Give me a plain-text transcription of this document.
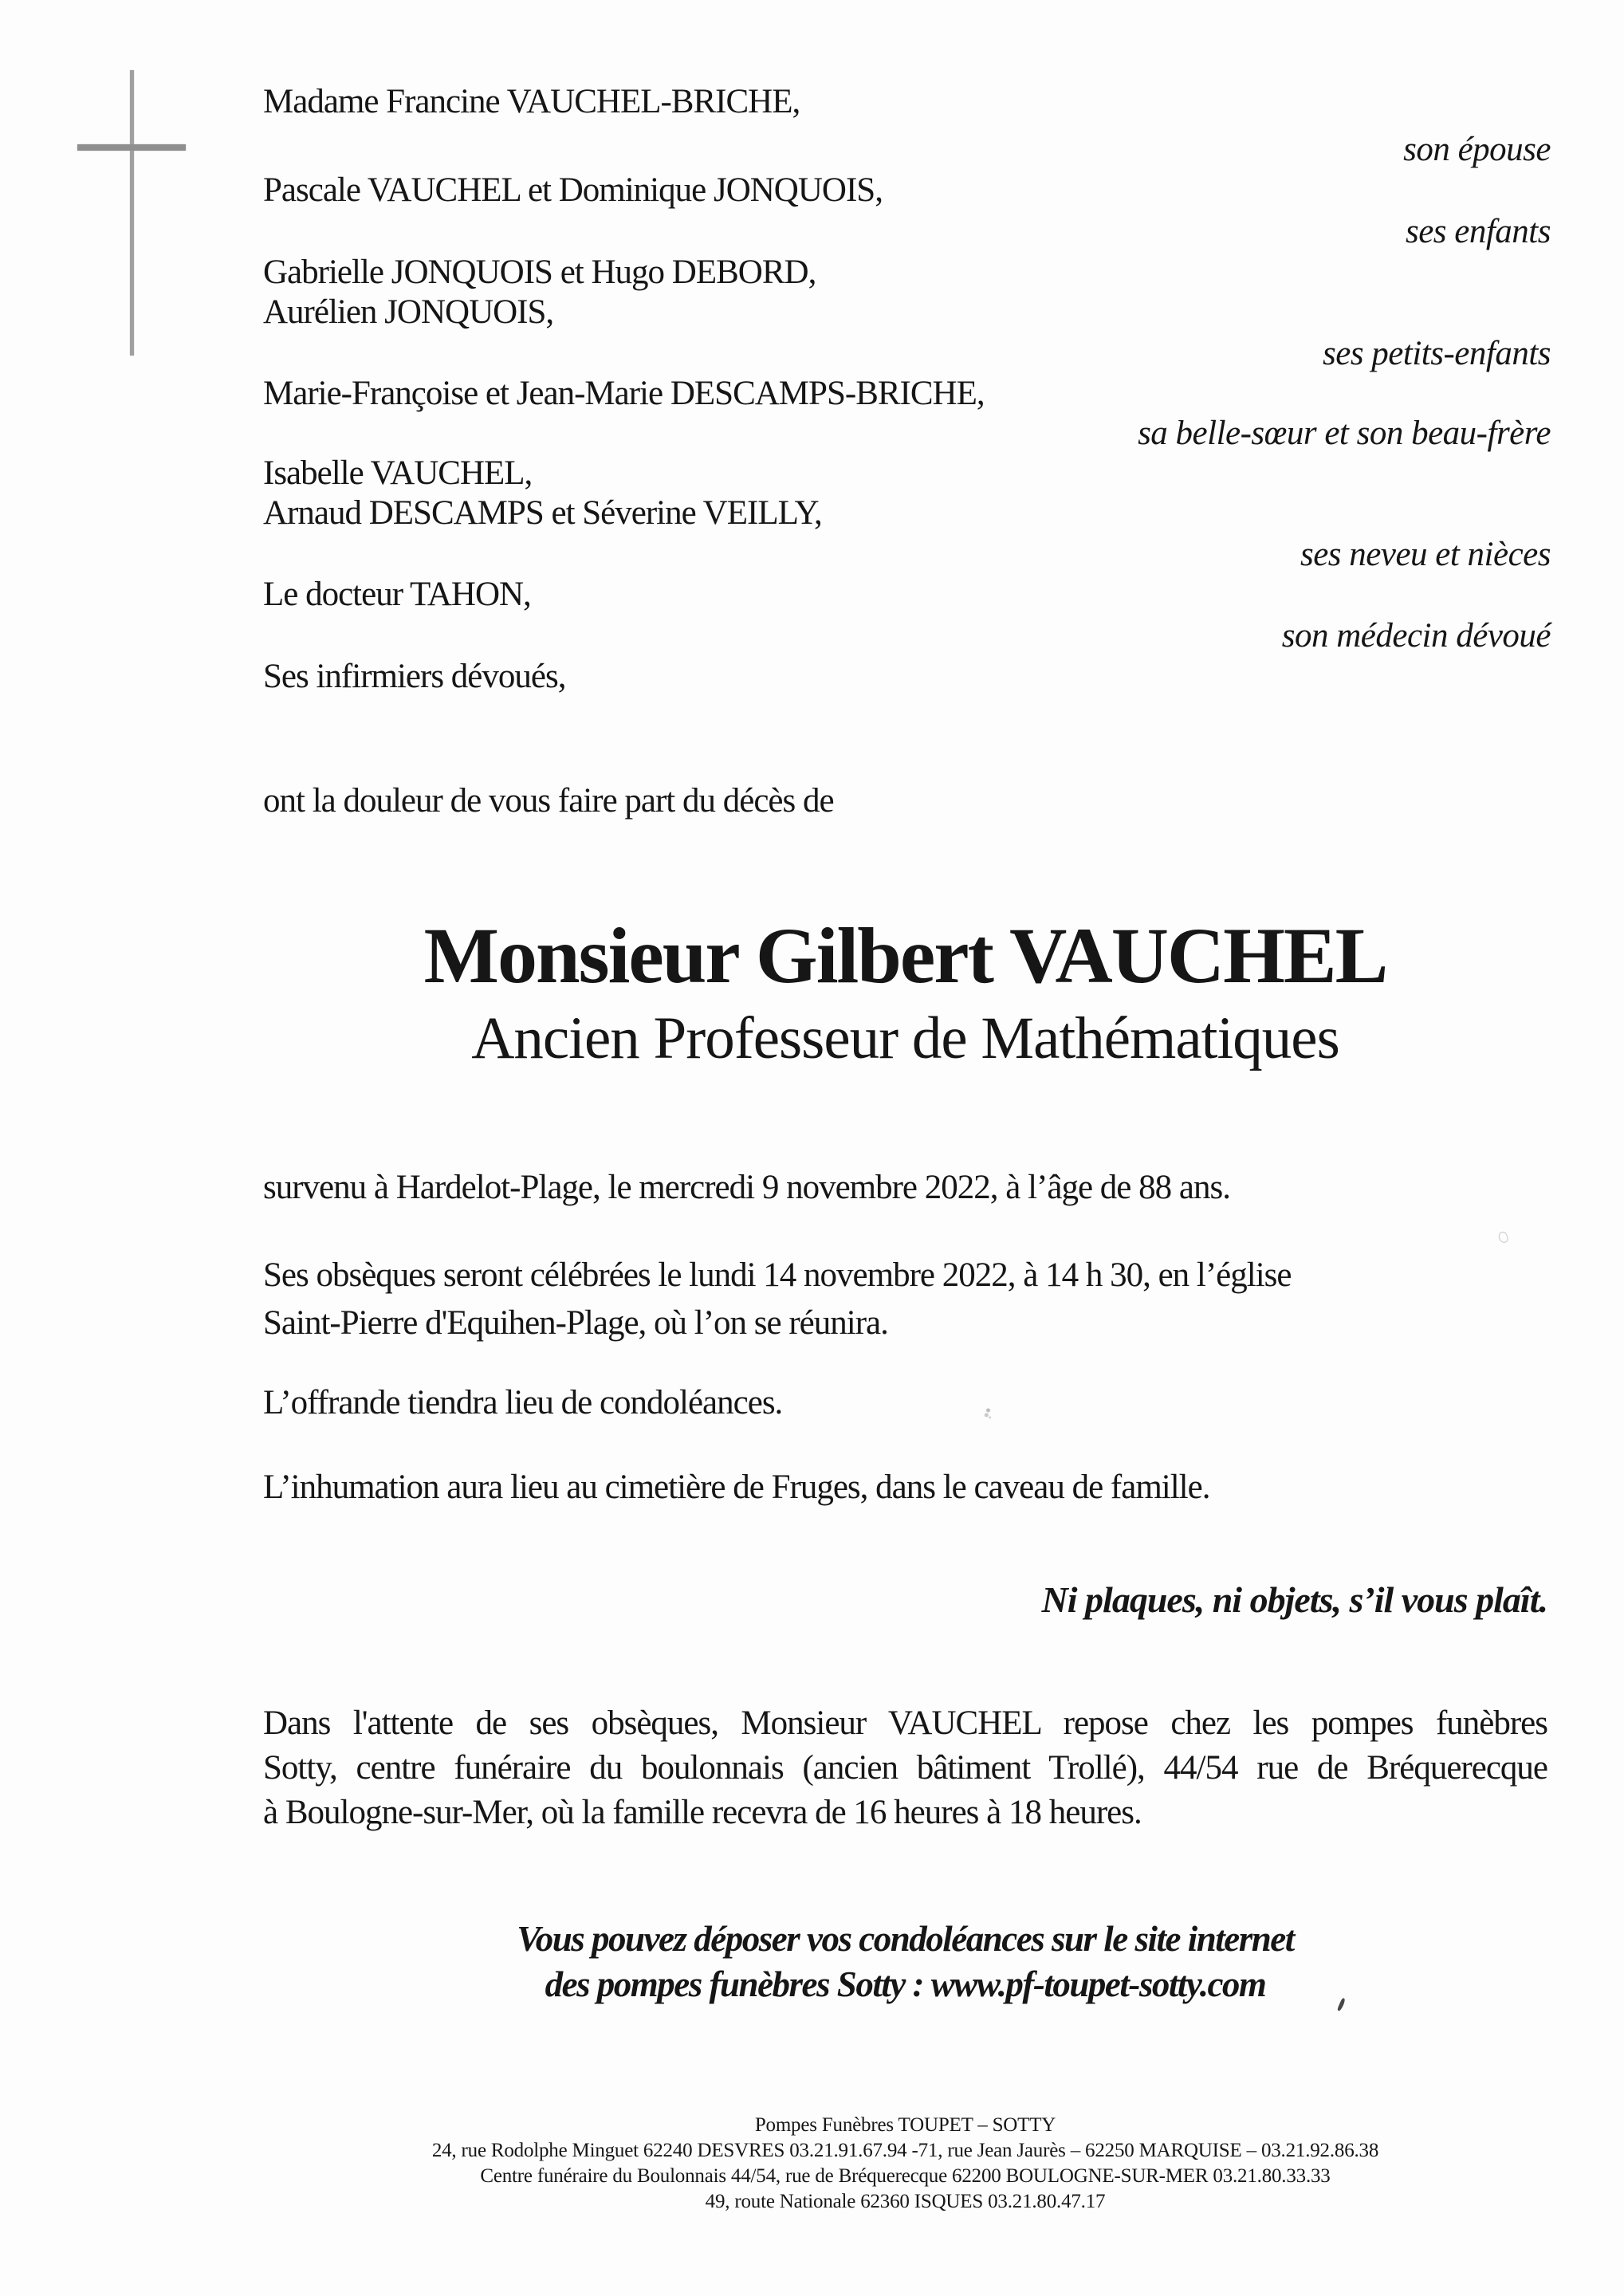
Madame Francine VAUCHEL-BRICHE,
son épouse
Pascale VAUCHEL et Dominique JONQUOIS,
ses enfants
Gabrielle JONQUOIS et Hugo DEBORD,
Aurélien JONQUOIS,
ses petits-enfants
Marie-Françoise et Jean-Marie DESCAMPS-BRICHE,
sa belle-sœur et son beau-frère
Isabelle VAUCHEL,
Arnaud DESCAMPS et Séverine VEILLY,
ses neveu et nièces
Le docteur TAHON,
son médecin dévoué
Ses infirmiers dévoués,
ont la douleur de vous faire part du décès de
Monsieur Gilbert VAUCHEL
Ancien Professeur de Mathématiques
survenu à Hardelot-Plage, le mercredi 9 novembre 2022, à l’âge de 88 ans.
Ses obsèques seront célébrées le lundi 14 novembre 2022, à 14 h 30, en l’église
Saint-Pierre d'Equihen-Plage, où l’on se réunira.
L’offrande tiendra lieu de condoléances.
L’inhumation aura lieu au cimetière de Fruges, dans le caveau de famille.
Ni plaques, ni objets, s’il vous plaît.
Dans l'attente de ses obsèques, Monsieur VAUCHEL repose chez les pompes funèbres
Sotty, centre funéraire du boulonnais (ancien bâtiment Trollé), 44/54 rue de Bréquerecque
à Boulogne-sur-Mer, où la famille recevra de 16 heures à 18 heures.
Vous pouvez déposer vos condoléances sur le site internet
des pompes funèbres Sotty : www.pf-toupet-sotty.com
Pompes Funèbres TOUPET – SOTTY
24, rue Rodolphe Minguet 62240 DESVRES 03.21.91.67.94 -71, rue Jean Jaurès – 62250 MARQUISE – 03.21.92.86.38
Centre funéraire du Boulonnais 44/54, rue de Bréquerecque 62200 BOULOGNE-SUR-MER 03.21.80.33.33
49, route Nationale 62360 ISQUES 03.21.80.47.17
